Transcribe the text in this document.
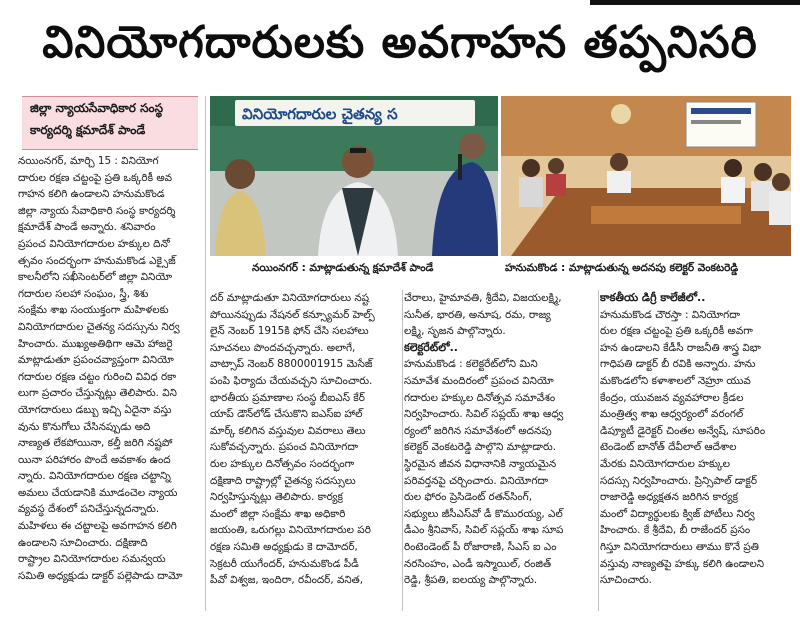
వినియోగదారులకు అవగాహన తప్పనిసరి
జిల్లా న్యాయసేవాధికార సంస్థ
కార్యదర్శి క్షమాదేశ్ పాండే
వినియోగదారుల చైతన్య స
నయింనగర్ : మాట్లాడుతున్న క్షమాదేశ్ పాండే	హనుమకొండ : మాట్లాడుతున్న అదనపు కలెక్టర్ వెంకటరెడ్డి

నయింనగర్, మార్చి 15 : వినియోగ

దారుల రక్షణ చట్టంపై ప్రతి ఒక్కరికీ అవ

గాహన కలిగి ఉండాలని హనుమకొండ

జిల్లా న్యాయ సేవాధికారి సంస్థ కార్యదర్శి

క్షమాదేశ్ పాండే అన్నారు. శనివారం

ప్రపంచ వినియోగదారుల హక్కుల దినో

త్సవం సందర్భంగా హనుమకొండ ఎక్సైజ్

కాలనీలోని సఖీసెంటర్‌లో జిల్లా వినియో

గదారుల సలహా సంఘం, స్త్రీ, శిశు

సంక్షేమ శాఖ సంయుక్తంగా మహిళలకు

వినియోగదారుల చైతన్య సదస్సును నిర్వ

హించారు. ముఖ్యఅతిథిగా ఆమె హాజరై

మాట్లాడుతూ ప్రపంచవ్యాప్తంగా వినియో

గదారుల రక్షణ చట్టం గురించి వివిధ రకా

లుగా ప్రచారం చేస్తున్నట్లు తెలిపారు. విని

యోగదారులు డబ్బు ఇచ్చి ఏదైనా వస్తు

వును కొనుగోలు చేసినప్పుడు అది

నాణ్యత లేకపోయినా, కల్తీ జరిగి నష్టపో

యినా పరిహారం పొందే అవకాశం ఉంద

న్నారు. వినియోగదారుల రక్షణ చట్టాన్ని

అమలు చేయడానికి మూడంచెల న్యాయ

వ్యవస్థ దేశంలో పనిచేస్తున్నదన్నారు.

మహిళలు ఈ చట్టాలపై అవగాహన కలిగి

ఉండాలని సూచించారు. దక్షిణాది

రాష్ట్రాల వినియోగదారుల సమన్వయ

సమితి అధ్యక్షుడు డాక్టర్ పల్లెపాడు దామో

దర్ మాట్లాడుతూ వినియోగదారులు నష్ట

పోయినప్పుడు నేషనల్ కన్స్యూమర్ హెల్ప్

లైన్ నెంబర్ 1915కి ఫోన్ చేసి సలహాలు

సూచనలు పొందవచ్చన్నారు. అలాగే,

వాట్సాప్ నెంబర్ 8800001915 మెసేజ్

పంపి ఫిర్యాదు చేయవచ్చని సూచించారు.

భారతీయ ప్రమాణాల సంస్థ బీఐఎస్ కేర్

యాప్ డౌన్‌లోడ్ చేసుకొని ఐఎస్ఐ హాల్

మార్క్ కలిగిన వస్తువుల వివరాలు తెలు

సుకోవచ్చన్నారు. ప్రపంచ వినియోగదా

రుల హక్కుల దినోత్సవం సందర్భంగా

దక్షిణాది రాష్ట్రాల్లో చైతన్య సదస్సులు

నిర్వహిస్తున్నట్లు తెలిపారు. కార్యక్ర

మంలో జిల్లా సంక్షేమ శాఖ అధికారి

జయంతి, ఒరుగల్లు వినియోగదారుల పరి

రక్షణ సమితి అధ్యక్షుడు కె దామోదర్,

సెక్రటరీ యుగేందర్, హనుమకొండ పీడీ

పీవో విశ్వజ, ఇందిరా, రవీందర్, వనిత,

చేరాలు, హైమావతి, శ్రీదేవి, విజయలక్ష్మి,

సునీత, భారతి, అనూష, రమ, రాజ్య

లక్ష్మి, సృజన పాల్గొన్నారు.

కలెక్టరేట్‌లో..

హనుమకొండ : కలెక్టరేట్‌లోని మిని

సమావేశ మందిరంలో ప్రపంచ వినియో

గదారుల హక్కుల దినోత్సవ సమావేశం

నిర్వహించారు. సివిల్ సప్లయ్ శాఖ ఆధ్వ

ర్యంలో జరిగిన సమావేశంలో అదనపు

కలెక్టర్ వెంకటరెడ్డి పాల్గొని మాట్లాడారు.

స్థిరమైన జీవన విధానానికి న్యాయమైన

పరివర్తనపై చర్చించారు. వినియోగదా

రుల ఫోరం ప్రెసిడెంట్ రతన్‌సింగ్,

సభ్యులు జీసీఎస్‌వో డీ కొమురయ్య, ఎల్

డీఎం శ్రీనివాస్, సివిల్ సప్లయ్ శాఖ సూప

రింటెండెంట్ పీ రోజారాణి, సీఎస్ ఐ ఎం

నరసింహం, ఎండీ ఇస్మాయిల్, రంజిత్

రెడ్డి, శ్రీపతి, ఐలయ్య పాల్గొన్నారు.

కాకతీయ డిగ్రీ కాలేజీలో..

హనుమకొండ చౌరస్తా : వినియోగదా

రుల రక్షణ చట్టంపై ప్రతి ఒక్కరికీ అవగా

హన ఉండాలని కేడీసీ రాజనీతి శాస్త్ర విభా

గాధిపతి డాక్టర్ బీ రవికి అన్నారు. హను

మకొండలోని కళాశాలలో నెహ్రూ యువ

కేంద్రం, యువజన వ్యవహారాల క్రీడల

మంత్రిత్వ శాఖ ఆధ్వర్యంలో వరంగల్

డిప్యూటీ డైరెక్టర్ చింతల అన్వేష్, సూపరిం

టెండెంట్ బానోత్ దేవీలాల్ ఆదేశాల

మేరకు వినియోగదారుల హక్కుల

సదస్సు నిర్వహించారు. ప్రిన్సిపాల్ డాక్టర్

రాజారెడ్డి అధ్యక్షతన జరిగిన కార్యక్ర

మంలో విద్యార్థులకు క్విజ్ పోటీలు నిర్వ

హించారు. కే శ్రీదేవి, బీ రాజేందర్ ప్రసం

గిస్తూ వినియోగదారులు తాము కొనే ప్రతి

వస్తువు నాణ్యతపై హక్కు కలిగి ఉండాలని

సూచించారు.
